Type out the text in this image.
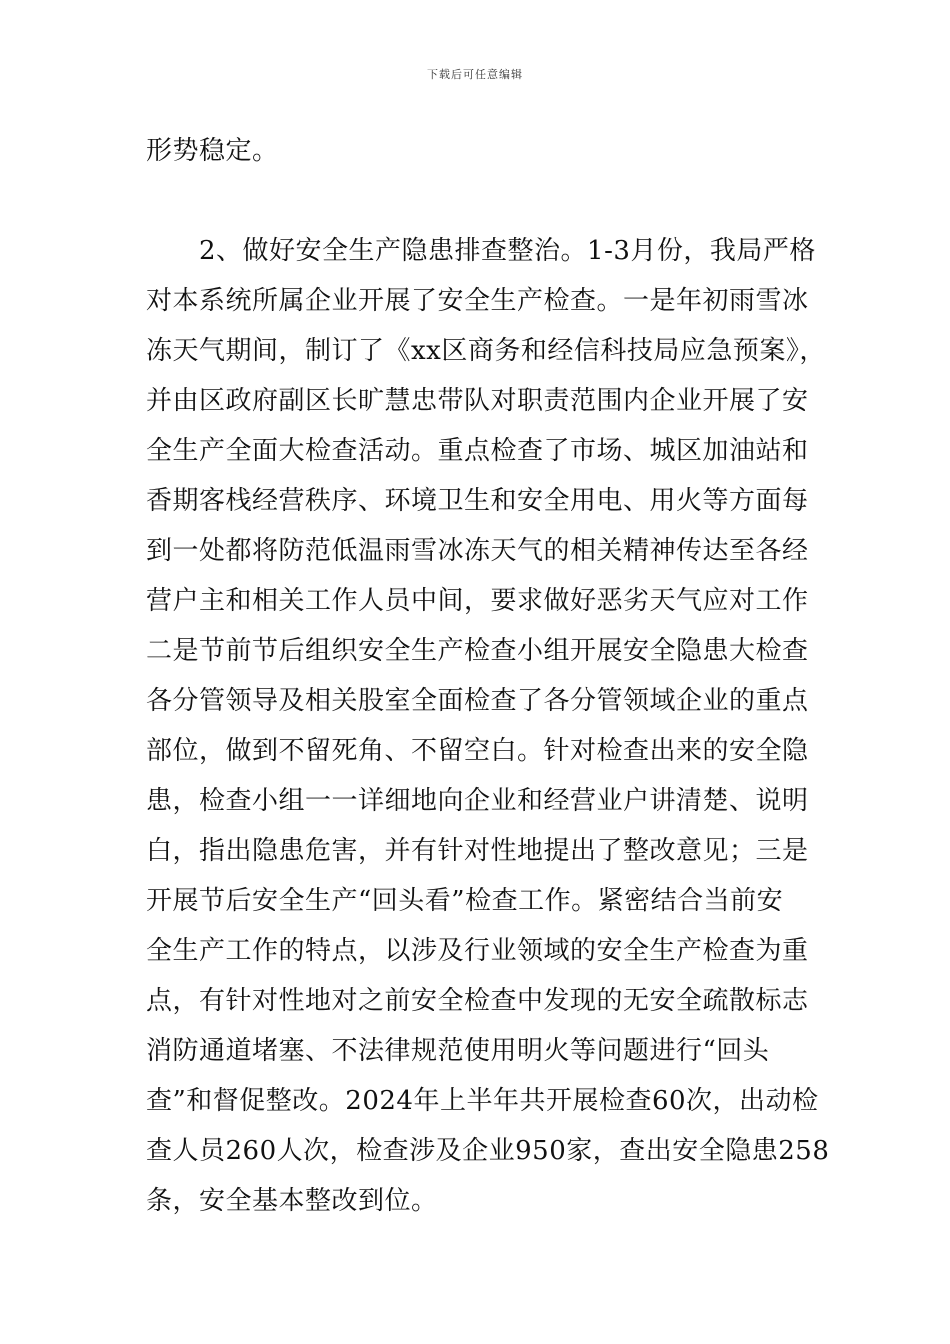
下载后可任意编辑
形势稳定。
　　2、做好安全生产隐患排查整治。1-3月份，我局严格
对本系统所属企业开展了安全生产检查。一是年初雨雪冰
冻天气期间，制订了《xx区商务和经信科技局应急预案》，
并由区政府副区长旷慧忠带队对职责范围内企业开展了安
全生产全面大检查活动。重点检查了市场、城区加油站和
香期客栈经营秩序、环境卫生和安全用电、用火等方面每
到一处都将防范低温雨雪冰冻天气的相关精神传达至各经
营户主和相关工作人员中间，要求做好恶劣天气应对工作
二是节前节后组织安全生产检查小组开展安全隐患大检查
各分管领导及相关股室全面检查了各分管领域企业的重点
部位，做到不留死角、不留空白。针对检查出来的安全隐
患，检查小组一一详细地向企业和经营业户讲清楚、说明
白，指出隐患危害，并有针对性地提出了整改意见；三是
开展节后安全生产“回头看”检查工作。紧密结合当前安
全生产工作的特点，以涉及行业领域的安全生产检查为重
点，有针对性地对之前安全检查中发现的无安全疏散标志
消防通道堵塞、不法律规范使用明火等问题进行“回头
查”和督促整改。2024年上半年共开展检查60次，出动检
查人员260人次，检查涉及企业950家，查出安全隐患258
条，安全基本整改到位。
